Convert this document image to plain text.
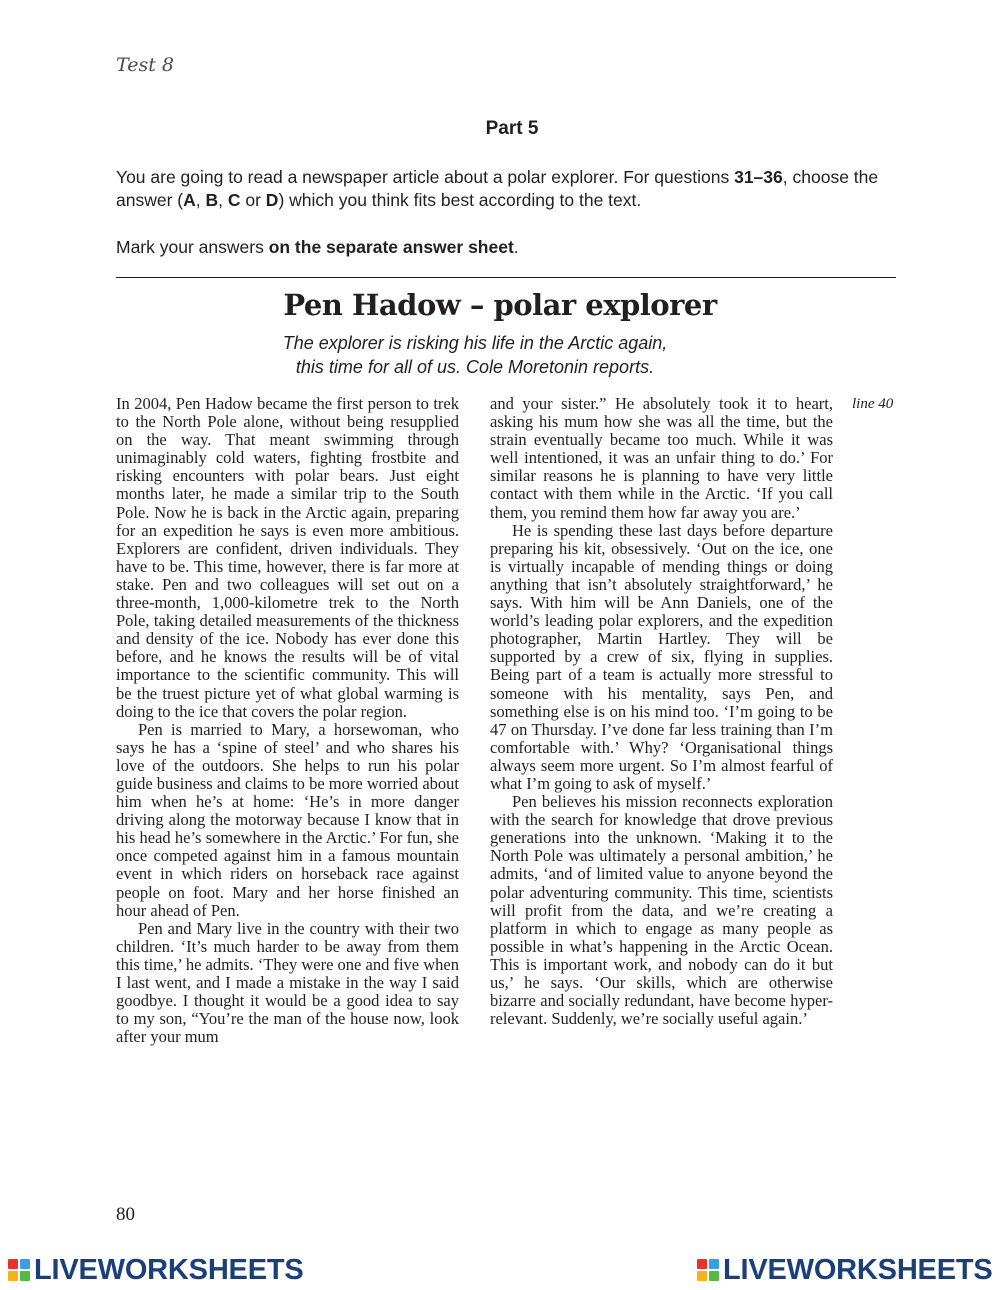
Test 8
Part 5

You are going to read a newspaper article about a polar explorer. For questions 31–36, choose the answer (A, B, C or D) which you think fits best according to the text.

Mark your answers on the separate answer sheet.

Pen Hadow – polar explorer
The explorer is risking his life in the Arctic again,
this time for all of us. Cole Moretonin reports.

In 2004, Pen Hadow became the first person to trek to the North Pole alone, without being resupplied on the way. That meant swimming through unimaginably cold waters, fighting frostbite and risking encounters with polar bears. Just eight months later, he made a similar trip to the South Pole. Now he is back in the Arctic again, preparing for an expedition he says is even more ambitious. Explorers are confident, driven individuals. They have to be. This time, however, there is far more at stake. Pen and two colleagues will set out on a three-month, 1,000-kilometre trek to the North Pole, taking detailed measurements of the thickness and density of the ice. Nobody has ever done this before, and he knows the results will be of vital importance to the scientific community. This will be the truest picture yet of what global warming is doing to the ice that covers the polar region.

Pen is married to Mary, a horsewoman, who says he has a ‘spine of steel’ and who shares his love of the outdoors. She helps to run his polar guide business and claims to be more worried about him when he’s at home: ‘He’s in more danger driving along the motorway because I know that in his head he’s somewhere in the Arctic.’ For fun, she once competed against him in a famous mountain event in which riders on horseback race against people on foot. Mary and her horse finished an hour ahead of Pen.

Pen and Mary live in the country with their two children. ‘It’s much harder to be away from them this time,’ he admits. ‘They were one and five when I last went, and I made a mistake in the way I said goodbye. I thought it would be a good idea to say to my son, “You’re the man of the house now, look after your mum

and your sister.” He absolutely took it to heart, asking his mum how she was all the time, but the strain eventually became too much. While it was well intentioned, it was an unfair thing to do.’ For similar reasons he is planning to have very little contact with them while in the Arctic. ‘If you call them, you remind them how far away you are.’

He is spending these last days before departure preparing his kit, obsessively. ‘Out on the ice, one is virtually incapable of mending things or doing anything that isn’t absolutely straightforward,’ he says. With him will be Ann Daniels, one of the world’s leading polar explorers, and the expedition photographer, Martin Hartley. They will be supported by a crew of six, flying in supplies. Being part of a team is actually more stressful to someone with his mentality, says Pen, and something else is on his mind too. ‘I’m going to be 47 on Thursday. I’ve done far less training than I’m comfortable with.’ Why? ‘Organisational things always seem more urgent. So I’m almost fearful of what I’m going to ask of myself.’

Pen believes his mission reconnects exploration with the search for knowledge that drove previous generations into the unknown. ‘Making it to the North Pole was ultimately a personal ambition,’ he admits, ‘and of limited value to anyone beyond the polar adventuring community. This time, scientists will profit from the data, and we’re creating a platform in which to engage as many people as possible in what’s happening in the Arctic Ocean. This is important work, and nobody can do it but us,’ he says. ‘Our skills, which are otherwise bizarre and socially redundant, have become hyper-relevant. Suddenly, we’re socially useful again.’

line 40
80
LIVEWORKSHEETS	LIVEWORKSHEETS
